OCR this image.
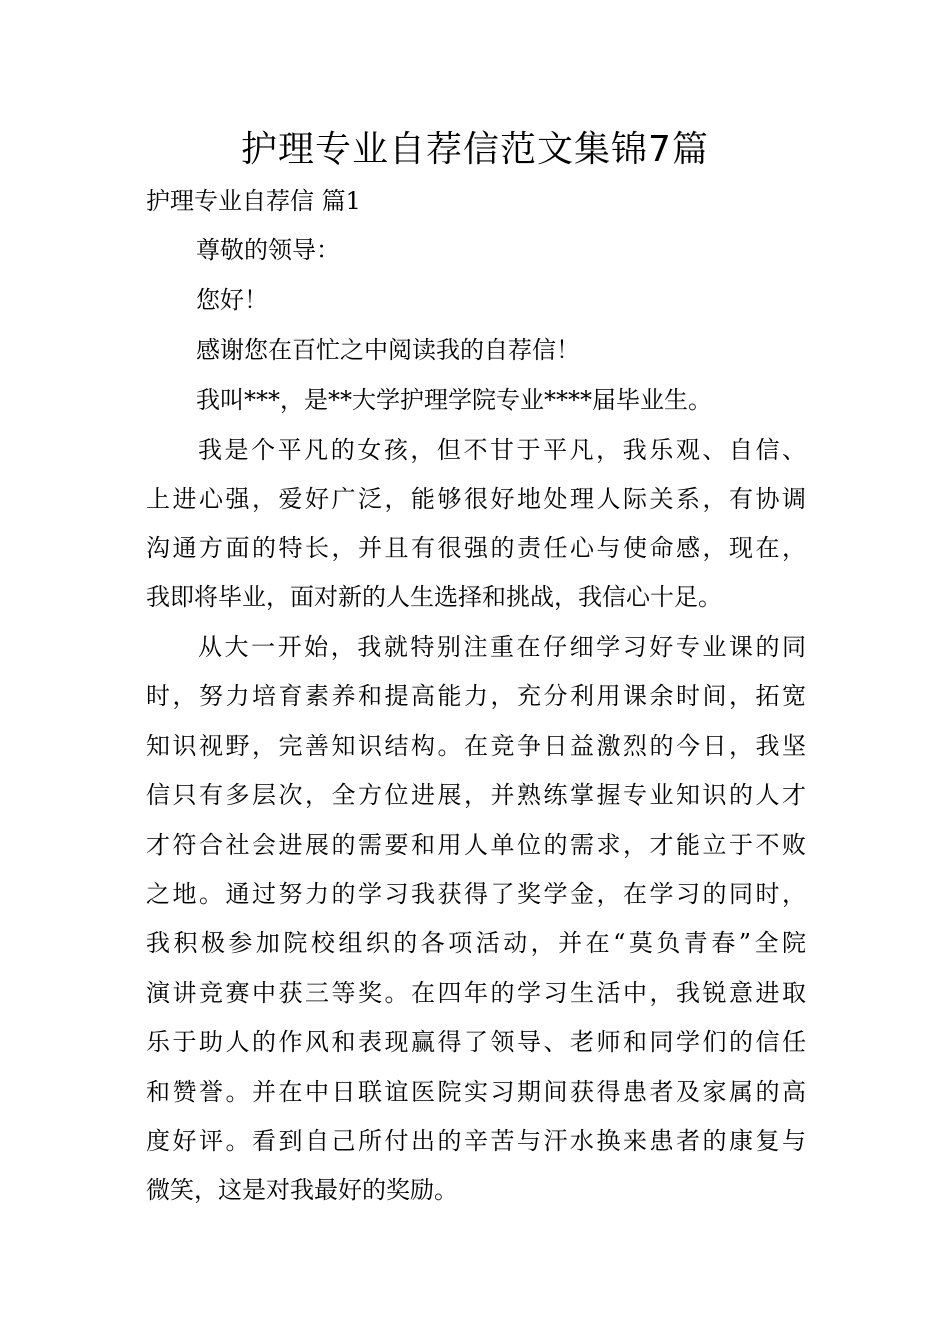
护理专业自荐信范文集锦7篇

护理专业自荐信 篇1

尊敬的领导：

您好！

感谢您在百忙之中阅读我的自荐信！

我叫***，是**大学护理学院专业****届毕业生。

我是个平凡的女孩，但不甘于平凡，我乐观、自信、

上进心强，爱好广泛，能够很好地处理人际关系，有协调

沟通方面的特长，并且有很强的责任心与使命感，现在，

我即将毕业，面对新的人生选择和挑战，我信心十足。

从大一开始，我就特别注重在仔细学习好专业课的同

时，努力培育素养和提高能力，充分利用课余时间，拓宽

知识视野，完善知识结构。在竞争日益激烈的今日，我坚

信只有多层次，全方位进展，并熟练掌握专业知识的人才

才符合社会进展的需要和用人单位的需求，才能立于不败

之地。通过努力的学习我获得了奖学金，在学习的同时，

我积极参加院校组织的各项活动，并在“莫负青春”全院

演讲竞赛中获三等奖。在四年的学习生活中，我锐意进取

乐于助人的作风和表现赢得了领导、老师和同学们的信任

和赞誉。并在中日联谊医院实习期间获得患者及家属的高

度好评。看到自己所付出的辛苦与汗水换来患者的康复与

微笑，这是对我最好的奖励。
